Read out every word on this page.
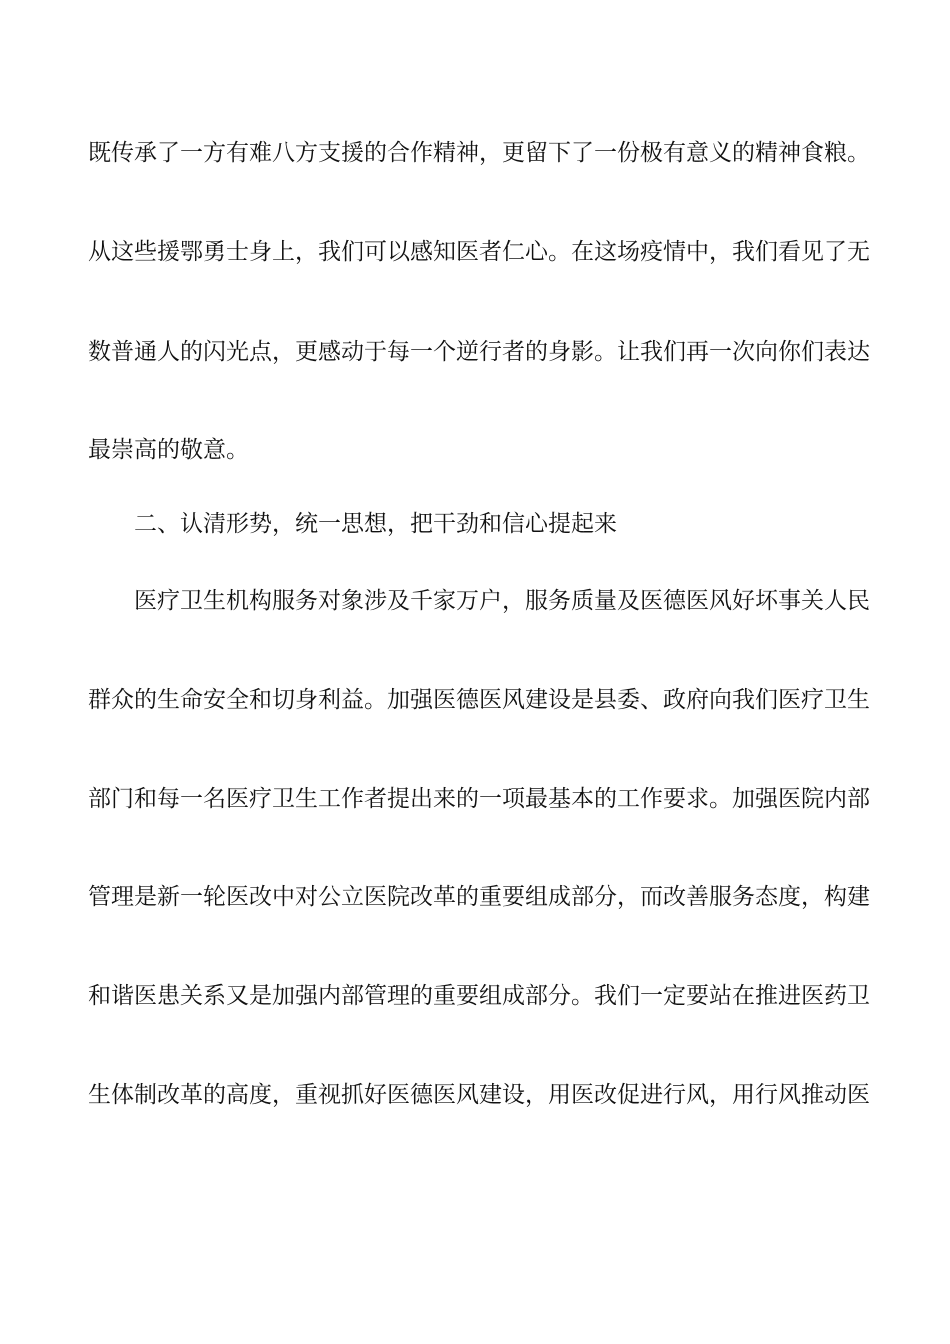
既传承了一方有难八方支援的合作精神，更留下了一份极有意义的精神食粮。
从这些援鄂勇士身上，我们可以感知医者仁心。在这场疫情中，我们看见了无
数普通人的闪光点，更感动于每一个逆行者的身影。让我们再一次向你们表达
最崇高的敬意。
二、认清形势，统一思想，把干劲和信心提起来
医疗卫生机构服务对象涉及千家万户，服务质量及医德医风好坏事关人民
群众的生命安全和切身利益。加强医德医风建设是县委、政府向我们医疗卫生
部门和每一名医疗卫生工作者提出来的一项最基本的工作要求。加强医院内部
管理是新一轮医改中对公立医院改革的重要组成部分，而改善服务态度，构建
和谐医患关系又是加强内部管理的重要组成部分。我们一定要站在推进医药卫
生体制改革的高度，重视抓好医德医风建设，用医改促进行风，用行风推动医
